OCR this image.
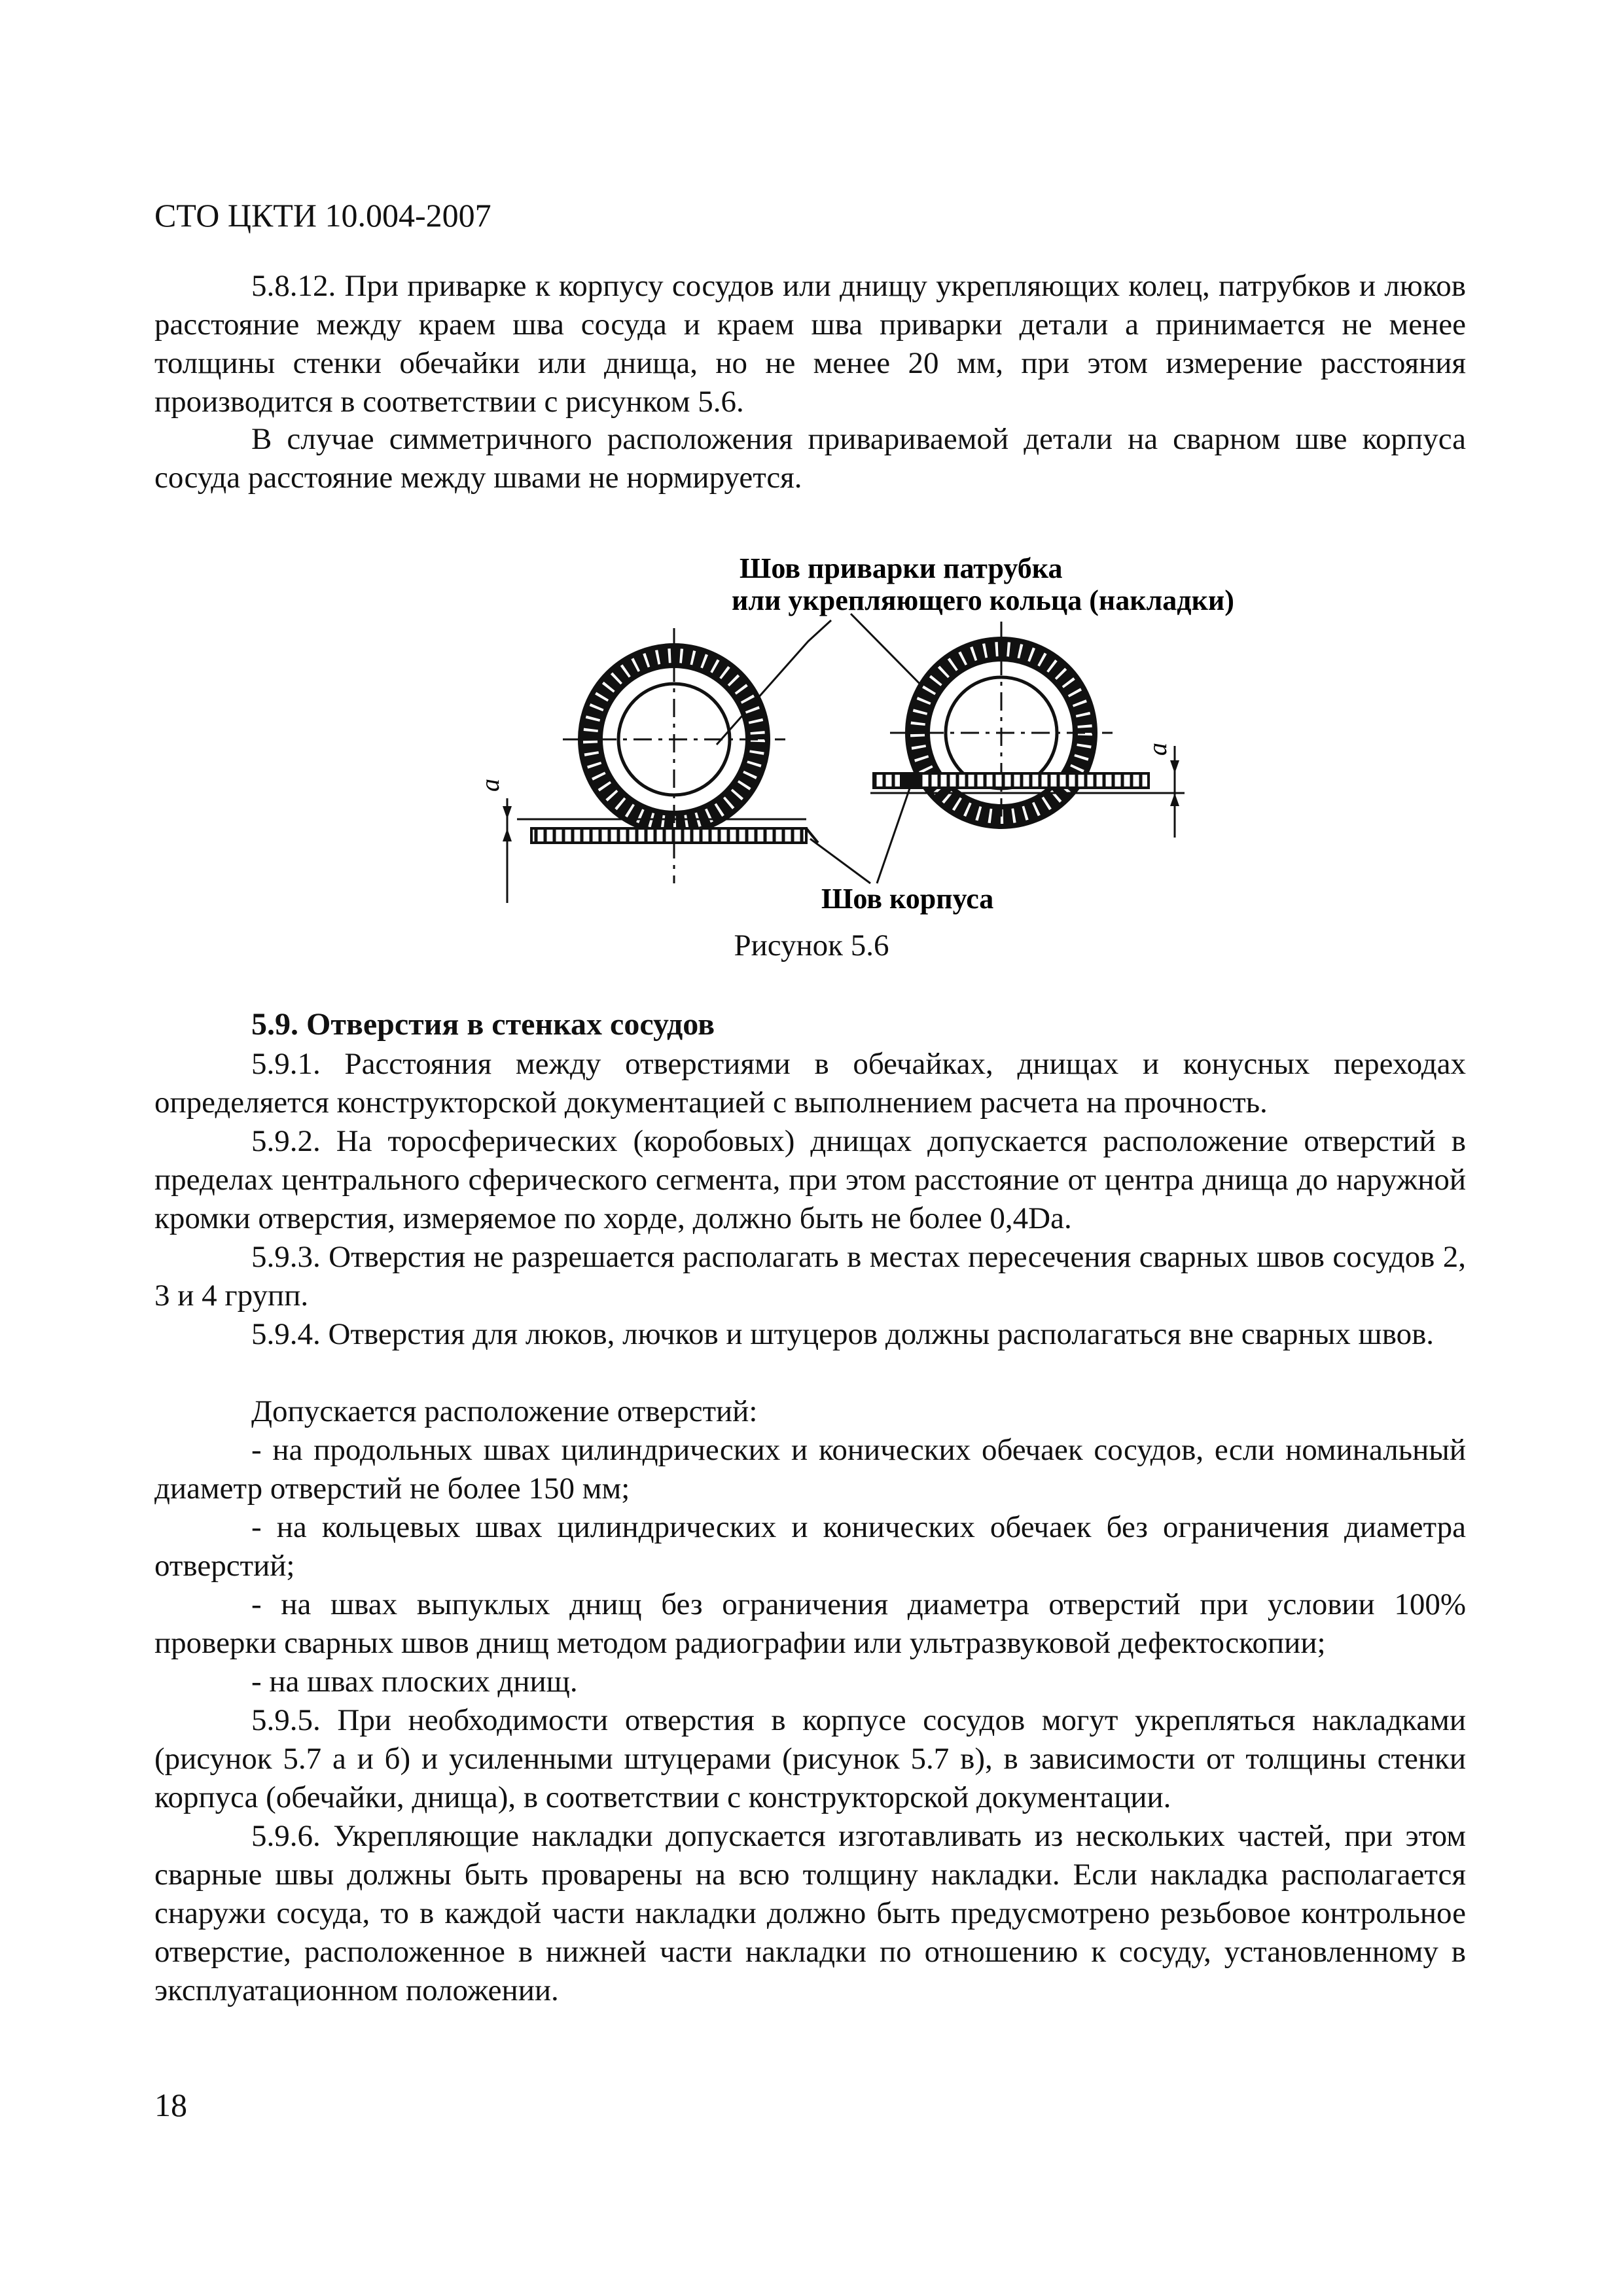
СТО ЦКТИ 10.004-2007

5.8.12. При приварке к корпусу сосудов или днищу укрепляющих колец, патрубков и люков расстояние между краем шва сосуда и краем шва приварки детали a принимается не менее толщины стенки обечайки или днища, но не менее 20 мм, при этом измерение расстояния производится в соответствии с рисунком 5.6.

В случае симметричного расположения привариваемой детали на сварном шве корпуса сосуда расстояние между швами не нормируется.

Шов приварки патрубка
или укрепляющего кольца (накладки)
a
a
Шов корпуса
Рисунок 5.6
5.9. Отверстия в стенках сосудов

5.9.1. Расстояния между отверстиями в обечайках, днищах и конусных переходах определяется конструкторской документацией с выполнением расчета на прочность.

5.9.2. На торосферических (коробовых) днищах допускается расположение отверстий в пределах центрального сферического сегмента, при этом расстояние от центра днища до наружной кромки отверстия, измеряемое по хорде, должно быть не более 0,4Da.

5.9.3. Отверстия не разрешается располагать в местах пересечения сварных швов сосудов 2, 3 и 4 групп.

5.9.4. Отверстия для люков, лючков и штуцеров должны располагаться вне сварных швов.

Допускается расположение отверстий:

- на продольных швах цилиндрических и конических обечаек сосудов, если номинальный диаметр отверстий не более 150 мм;

- на кольцевых швах цилиндрических и конических обечаек без ограничения диаметра отверстий;

- на швах выпуклых днищ без ограничения диаметра отверстий при условии 100% проверки сварных швов днищ методом радиографии или ультразвуковой дефектоскопии;

- на швах плоских днищ.

5.9.5. При необходимости отверстия в корпусе сосудов могут укрепляться накладками (рисунок 5.7 а и б) и усиленными штуцерами (рисунок 5.7 в), в зависимости от толщины стенки корпуса (обечайки, днища), в соответствии с конструкторской документации.

5.9.6. Укрепляющие накладки допускается изготавливать из нескольких частей, при этом сварные швы должны быть проварены на всю толщину накладки. Если накладка располагается снаружи сосуда, то в каждой части накладки должно быть предусмотрено резьбовое контрольное отверстие, расположенное в нижней части накладки по отношению к сосуду, установленному в эксплуатационном положении.

18
